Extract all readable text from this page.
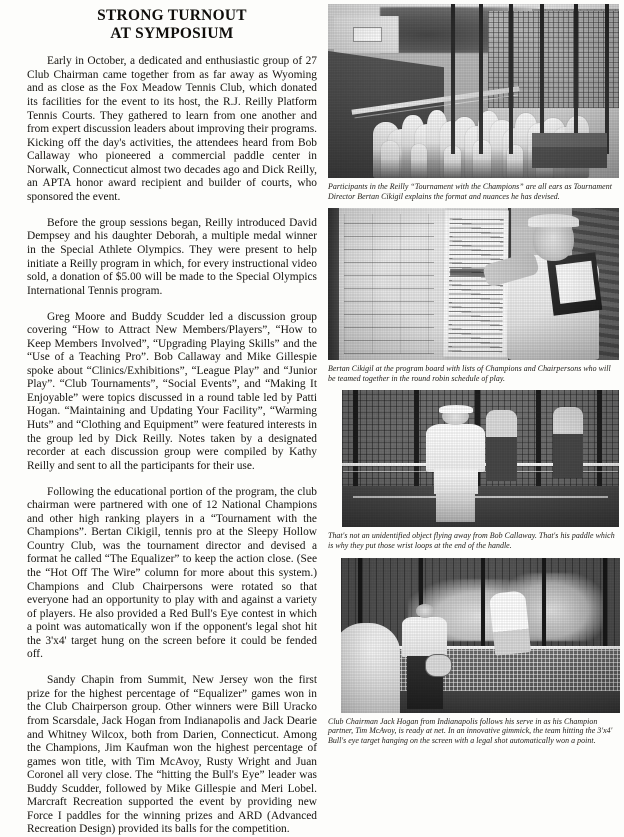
STRONG TURNOUT
AT SYMPOSIUM

Early in October, a dedicated and enthusiastic group of 27 Club Chairman came together from as far away as Wyoming and as close as the Fox Meadow Tennis Club, which donated its facilities for the event to its host, the R.J. Reilly Platform Tennis Courts. They gathered to learn from one another and from expert discussion leaders about improving their programs. Kicking off the day's activities, the attendees heard from Bob Callaway who pioneered a commercial paddle center in Norwalk, Connecticut almost two decades ago and Dick Reilly, an APTA honor award recipient and builder of courts, who sponsored the event.

Before the group sessions began, Reilly introduced David Dempsey and his daughter Deborah, a multiple medal winner in the Special Athlete Olympics. They were present to help initiate a Reilly program in which, for every instructional video sold, a donation of $5.00 will be made to the Special Olympics International Tennis program.

Greg Moore and Buddy Scudder led a discussion group covering “How to Attract New Members/Players”, “How to Keep Members Involved”, “Upgrading Playing Skills” and the “Use of a Teaching Pro”. Bob Callaway and Mike Gillespie spoke about “Clinics/Exhibitions”, “League Play” and “Junior Play”. “Club Tournaments”, “Social Events”, and “Making It Enjoyable” were topics discussed in a round table led by Patti Hogan. “Maintaining and Updating Your Facility”, “Warming Huts” and “Clothing and Equipment” were featured interests in the group led by Dick Reilly. Notes taken by a designated recorder at each discussion group were compiled by Kathy Reilly and sent to all the participants for their use.

Following the educational portion of the program, the club chairman were partnered with one of 12 National Champions and other high ranking players in a “Tournament with the Champions”. Bertan Cikigil, tennis pro at the Sleepy Hollow Country Club, was the tournament director and devised a format he called “The Equalizer” to keep the action close. (See the “Hot Off The Wire” column for more about this system.) Champions and Club Chairpersons were rotated so that everyone had an opportunity to play with and against a variety of players. He also provided a Red Bull's Eye contest in which a point was automatically won if the opponent's legal shot hit the 3'x4' target hung on the screen before it could be fended off.

Sandy Chapin from Summit, New Jersey won the first prize for the highest percentage of “Equalizer” games won in the Club Chairperson group. Other winners were Bill Uracko from Scarsdale, Jack Hogan from Indianapolis and Jack Dearie and Whitney Wilcox, both from Darien, Connecticut. Among the Champions, Jim Kaufman won the highest percentage of games won title, with Tim McAvoy, Rusty Wright and Juan Coronel all very close. The “hitting the Bull's Eye” leader was Buddy Scudder, followed by Mike Gillespie and Meri Lobel. Marcraft Recreation supported the event by providing new Force I paddles for the winning prizes and ARD (Advanced Recreation Design) provided its balls for the competition.

Participants in the Reilly “Tournament with the Champions” are all ears as Tournament Director Bertan Cikigil explains the format and nuances he has devised.

Bertan Cikigil at the program board with lists of Champions and Chairpersons who will be teamed together in the round robin schedule of play.

That's not an unidentified object flying away from Bob Callaway. That's his paddle which is why they put those wrist loops at the end of the handle.

Club Chairman Jack Hogan from Indianapolis follows his serve in as his Champion partner, Tim McAvoy, is ready at net. In an innovative gimmick, the team hitting the 3'x4' Bull's eye target hanging on the screen with a legal shot automatically won a point.
